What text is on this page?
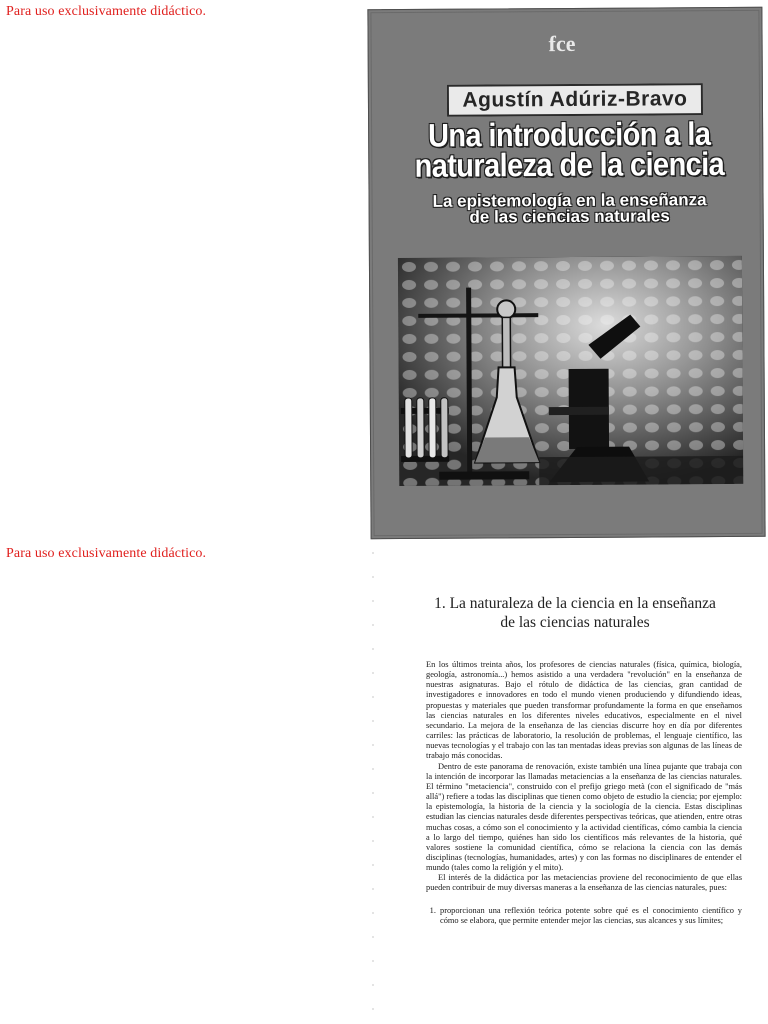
Para uso exclusivamente didáctico.
fce
Agustín Adúriz-Bravo
Una introducción a la
naturaleza de la ciencia
La epistemología en la enseñanza
de las ciencias naturales
Para uso exclusivamente didáctico.
1. La naturaleza de la ciencia en la enseñanza
de las ciencias naturales

En los últimos treinta años, los profesores de ciencias naturales (física, química, biología, geología, astronomía...) hemos asistido a una verdadera "revolución" en la enseñanza de nuestras asignaturas. Bajo el rótulo de didáctica de las ciencias, gran cantidad de investigadores e innovadores en todo el mundo vienen produciendo y difundiendo ideas, propuestas y materiales que pueden transformar profundamente la forma en que enseñamos las ciencias naturales en los diferentes niveles educativos, especialmente en el nivel secundario. La mejora de la enseñanza de las ciencias discurre hoy en día por diferentes carriles: las prácticas de laboratorio, la resolución de problemas, el lenguaje científico, las nuevas tecnologías y el trabajo con las tan mentadas ideas previas son algunas de las líneas de trabajo más conocidas.

Dentro de este panorama de renovación, existe también una línea pujante que trabaja con la intención de incorporar las llamadas metaciencias a la enseñanza de las ciencias naturales. El término "metaciencia", construido con el prefijo griego metà (con el significado de "más allá") refiere a todas las disciplinas que tienen como objeto de estudio la ciencia; por ejemplo: la epistemología, la historia de la ciencia y la sociología de la ciencia. Estas disciplinas estudian las ciencias naturales desde diferentes perspectivas teóricas, que atienden, entre otras muchas cosas, a cómo son el conocimiento y la actividad científicas, cómo cambia la ciencia a lo largo del tiempo, quiénes han sido los científicos más relevantes de la historia, qué valores sostiene la comunidad científica, cómo se relaciona la ciencia con las demás disciplinas (tecnologías, humanidades, artes) y con las formas no disciplinares de entender el mundo (tales como la religión y el mito).

El interés de la didáctica por las metaciencias proviene del reconocimiento de que ellas pueden contribuir de muy diversas maneras a la enseñanza de las ciencias naturales, pues:

1. proporcionan una reflexión teórica potente sobre qué es el conocimiento científico y cómo se elabora, que permite entender mejor las ciencias, sus alcances y sus límites;
